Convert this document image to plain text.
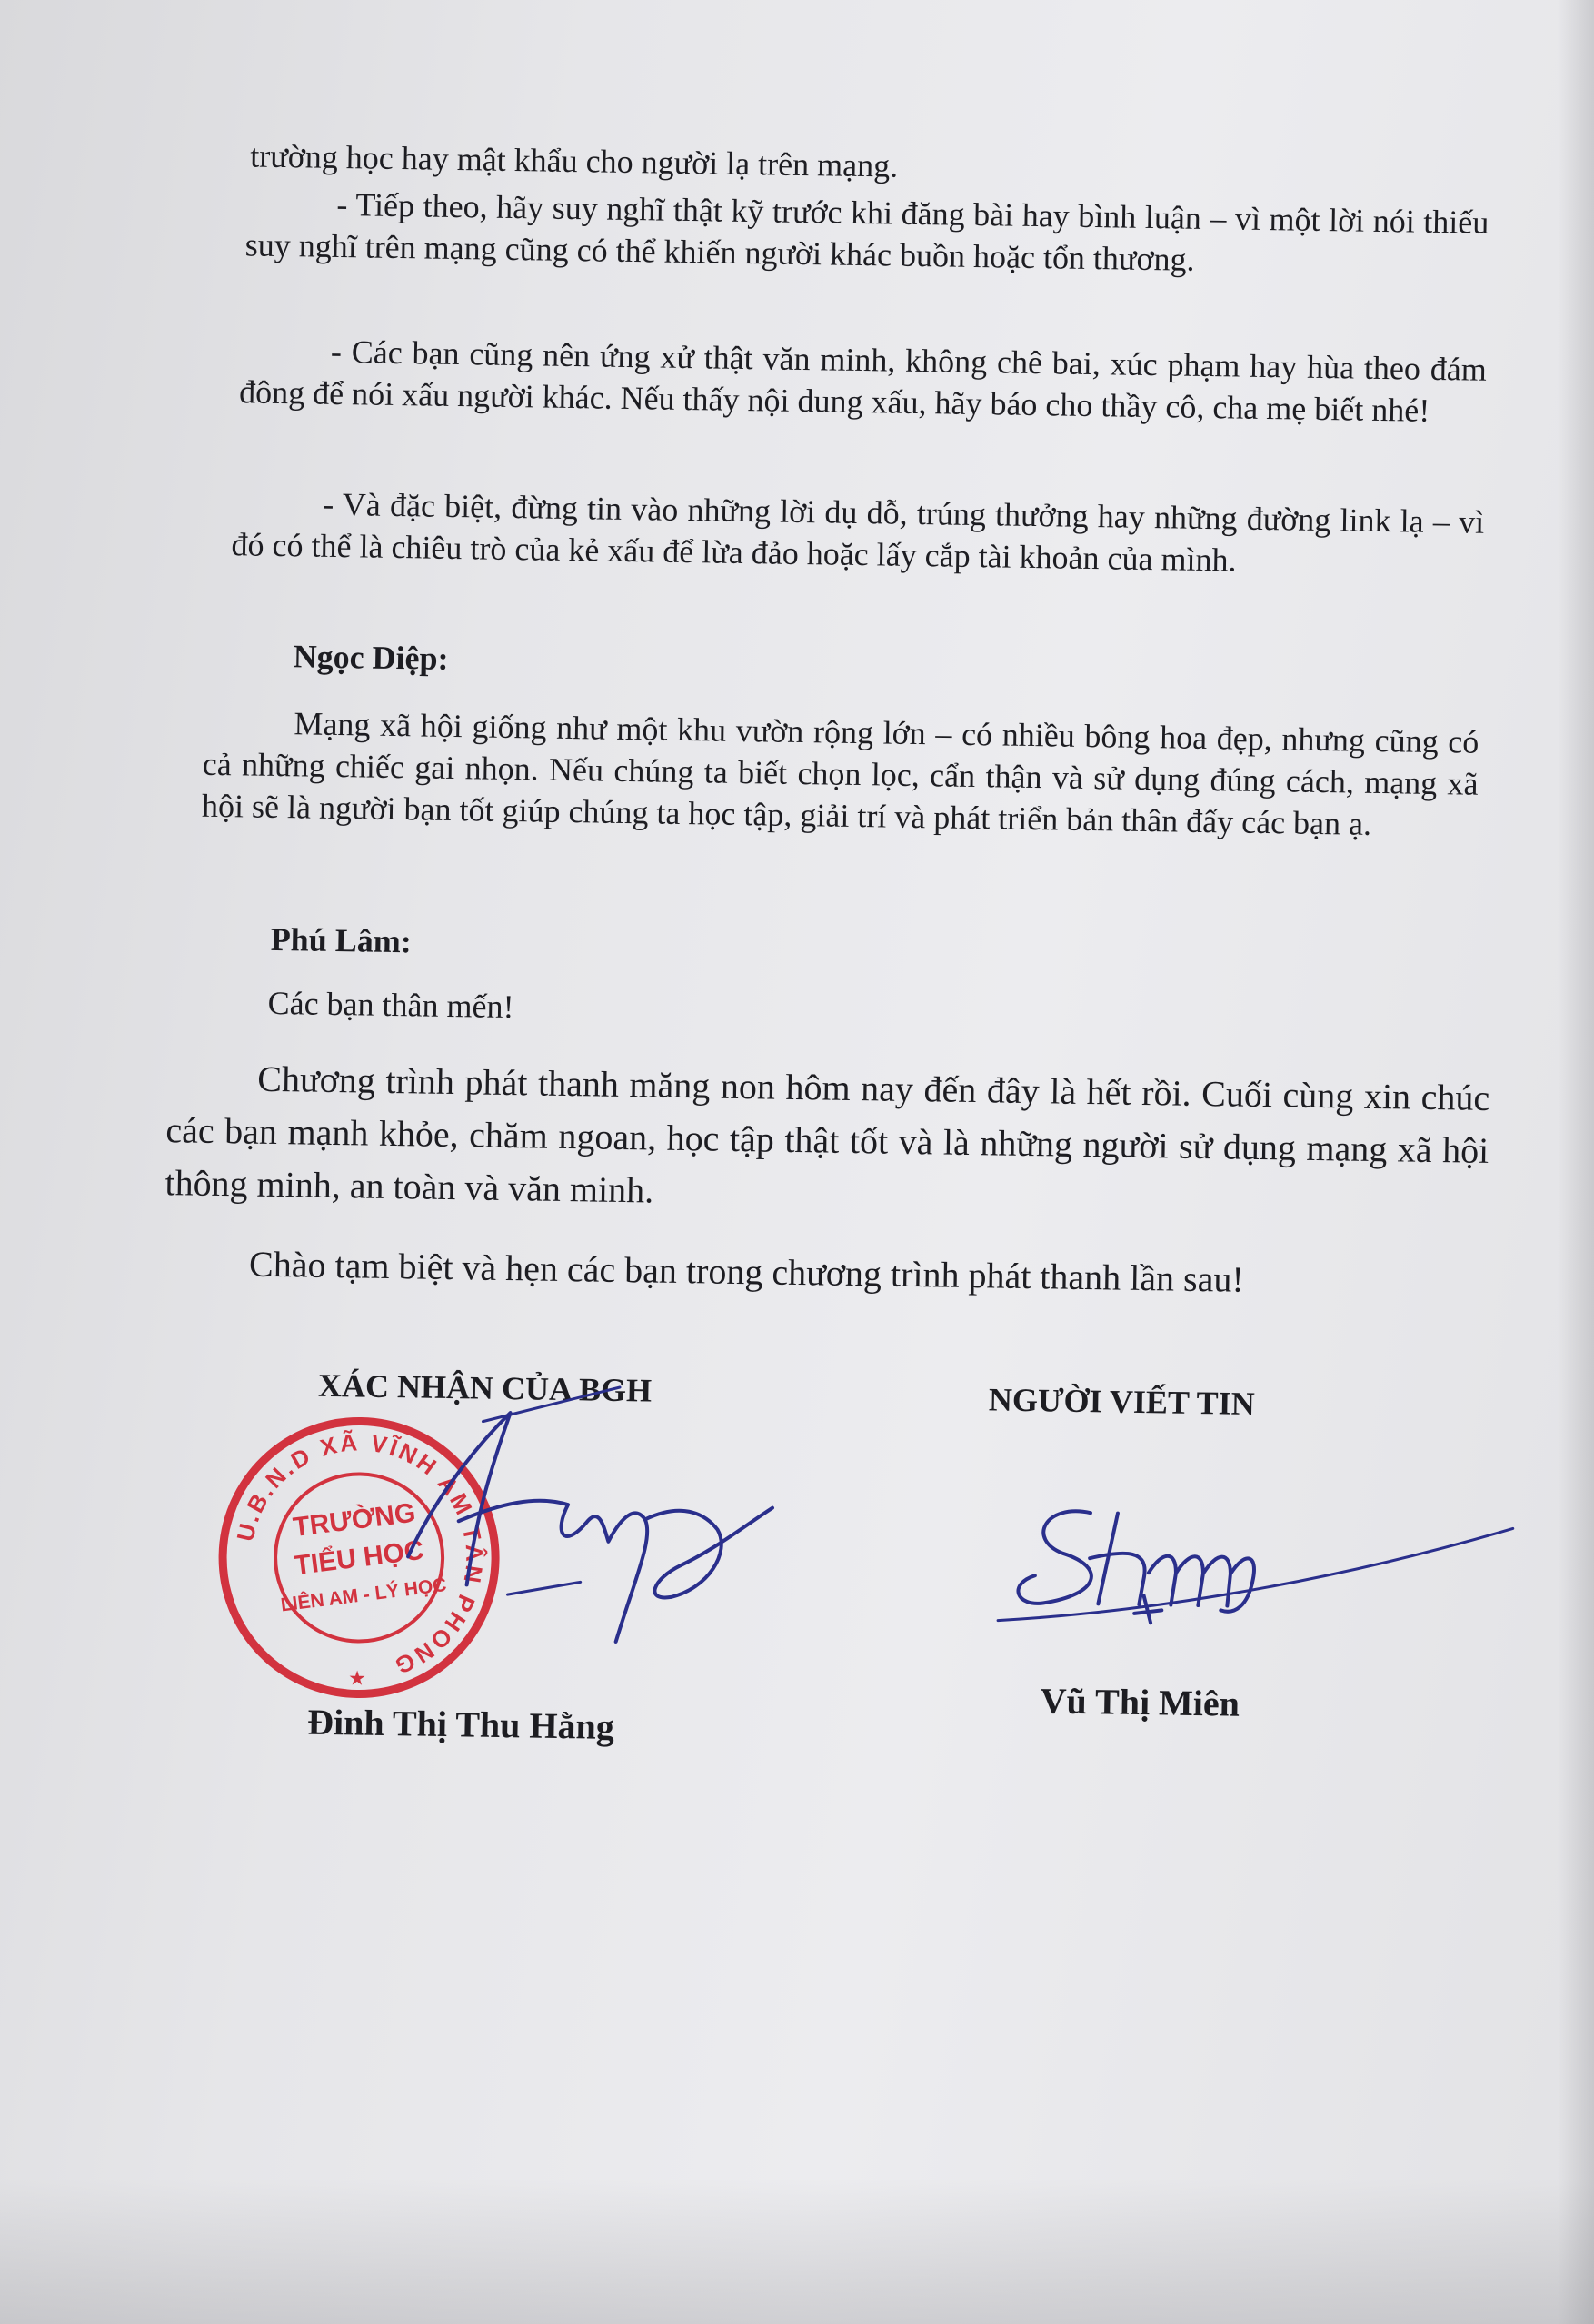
trường học hay mật khẩu cho người lạ trên mạng.

- Tiếp theo, hãy suy nghĩ thật kỹ trước khi đăng bài hay bình luận – vì một lời nói thiếu suy nghĩ trên mạng cũng có thể khiến người khác buồn hoặc tổn thương.

- Các bạn cũng nên ứng xử thật văn minh, không chê bai, xúc phạm hay hùa theo đám đông để nói xấu người khác. Nếu thấy nội dung xấu, hãy báo cho thầy cô, cha mẹ biết nhé!

- Và đặc biệt, đừng tin vào những lời dụ dỗ, trúng thưởng hay những đường link lạ – vì đó có thể là chiêu trò của kẻ xấu để lừa đảo hoặc lấy cắp tài khoản của mình.

Ngọc Diệp:

Mạng xã hội giống như một khu vườn rộng lớn – có nhiều bông hoa đẹp, nhưng cũng có cả những chiếc gai nhọn. Nếu chúng ta biết chọn lọc, cẩn thận và sử dụng đúng cách, mạng xã hội sẽ là người bạn tốt giúp chúng ta học tập, giải trí và phát triển bản thân đấy các bạn ạ.

Phú Lâm:

Các bạn thân mến!

Chương trình phát thanh măng non hôm nay đến đây là hết rồi. Cuối cùng xin chúc các bạn mạnh khỏe, chăm ngoan, học tập thật tốt và là những người sử dụng mạng xã hội thông minh, an toàn và văn minh.

Chào tạm biệt và hẹn các bạn trong chương trình phát thanh lần sau!

XÁC NHẬN CỦA BGH	NGƯỜI VIẾT TIN

U.B.N.D XÃ VĨNH AM TÂN PHONG
★
TRƯỜNG
TIỂU HỌC
LIÊN AM - LÝ HỌC

Đinh Thị Thu Hằng	Vũ Thị Miên
